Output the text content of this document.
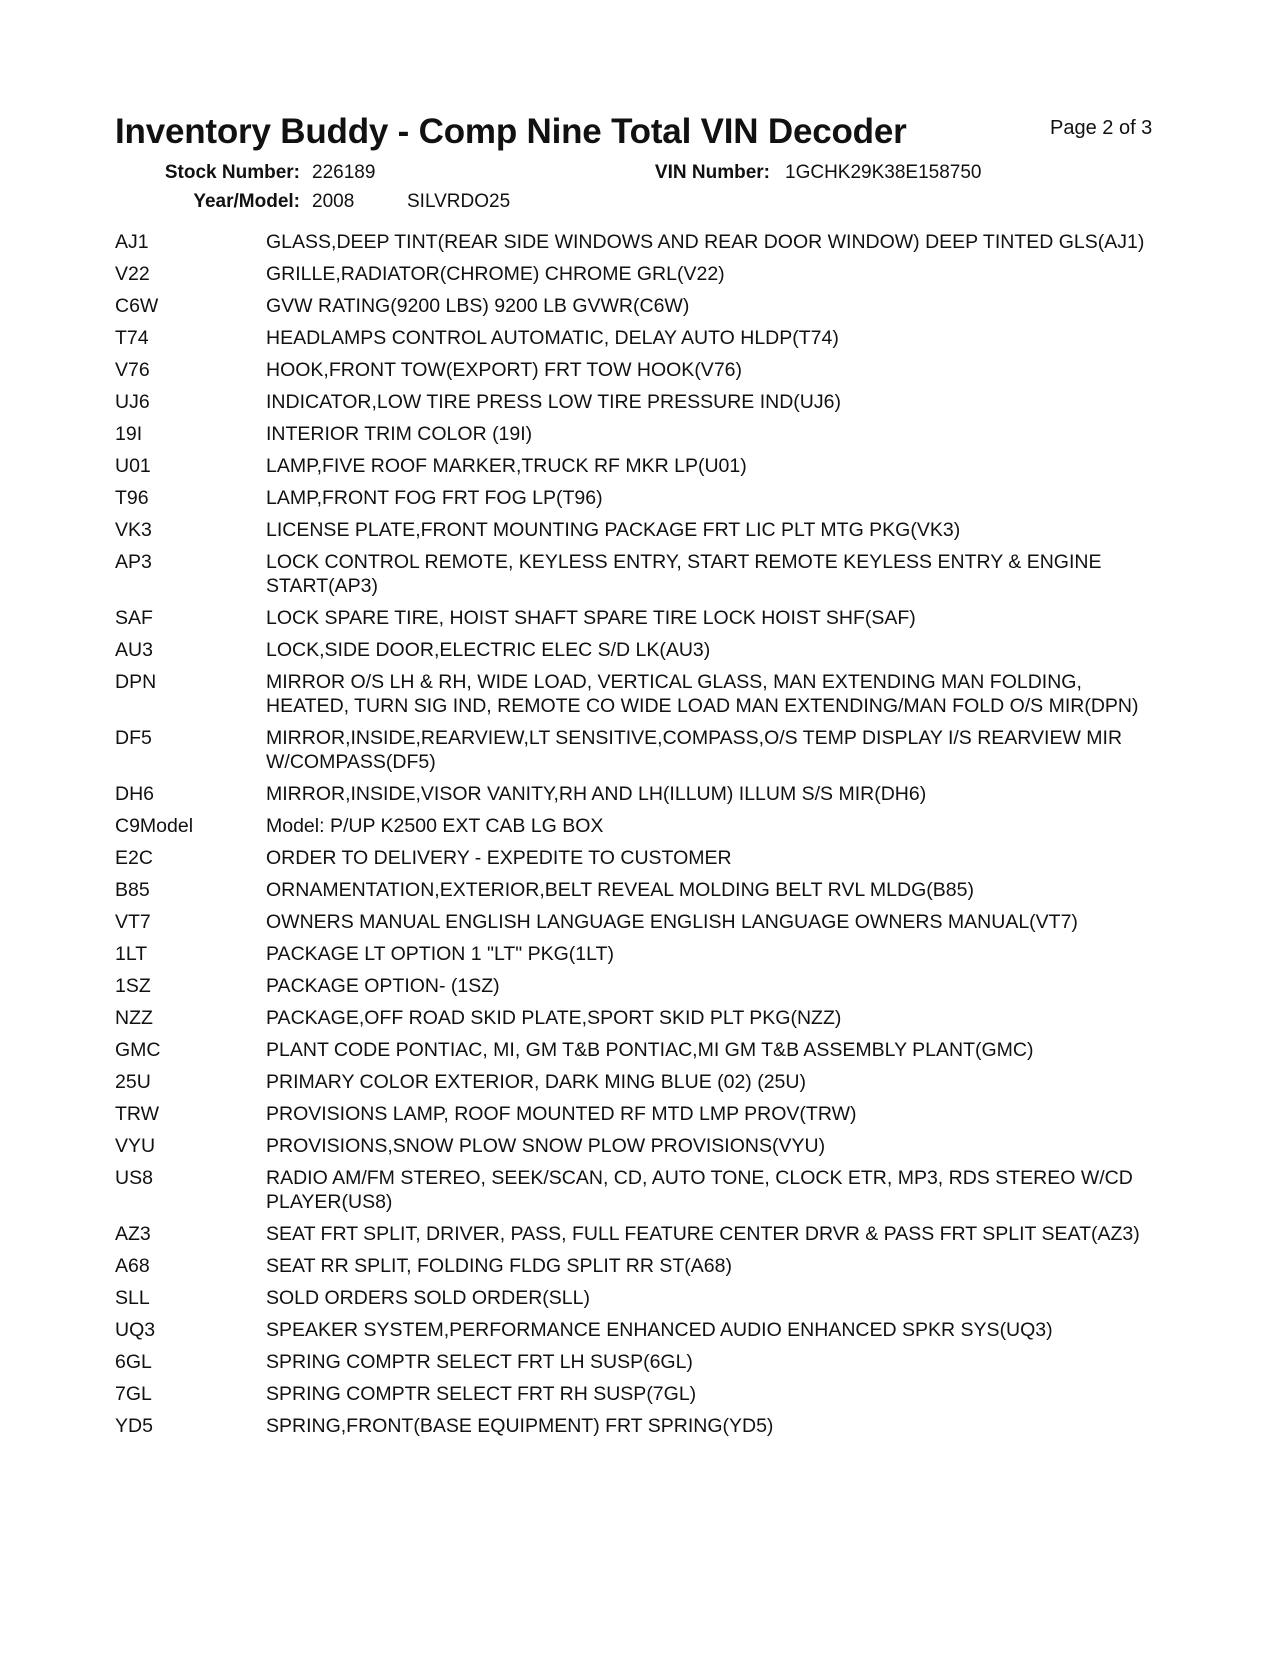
Inventory Buddy - Comp Nine Total VIN Decoder	Page 2 of 3
Stock Number: 226189	VIN Number: 1GCHK29K38E158750
Year/Model: 2008	SILVRDO25
AJ1	GLASS,DEEP TINT(REAR SIDE WINDOWS AND REAR DOOR WINDOW) DEEP TINTED GLS(AJ1)
V22	GRILLE,RADIATOR(CHROME) CHROME GRL(V22)
C6W	GVW RATING(9200 LBS) 9200 LB GVWR(C6W)
T74	HEADLAMPS CONTROL AUTOMATIC, DELAY AUTO HLDP(T74)
V76	HOOK,FRONT TOW(EXPORT) FRT TOW HOOK(V76)
UJ6	INDICATOR,LOW TIRE PRESS LOW TIRE PRESSURE IND(UJ6)
19I	INTERIOR TRIM COLOR (19I)
U01	LAMP,FIVE ROOF MARKER,TRUCK RF MKR LP(U01)
T96	LAMP,FRONT FOG FRT FOG LP(T96)
VK3	LICENSE PLATE,FRONT MOUNTING PACKAGE FRT LIC PLT MTG PKG(VK3)
AP3	LOCK CONTROL REMOTE, KEYLESS ENTRY, START REMOTE KEYLESS ENTRY & ENGINE START(AP3)
SAF	LOCK SPARE TIRE, HOIST SHAFT SPARE TIRE LOCK HOIST SHF(SAF)
AU3	LOCK,SIDE DOOR,ELECTRIC ELEC S/D LK(AU3)
DPN	MIRROR O/S LH & RH, WIDE LOAD, VERTICAL GLASS, MAN EXTENDING MAN FOLDING, HEATED, TURN SIG IND, REMOTE CO WIDE LOAD MAN EXTENDING/MAN FOLD O/S MIR(DPN)
DF5	MIRROR,INSIDE,REARVIEW,LT SENSITIVE,COMPASS,O/S TEMP DISPLAY I/S REARVIEW MIR W/COMPASS(DF5)
DH6	MIRROR,INSIDE,VISOR VANITY,RH AND LH(ILLUM) ILLUM S/S MIR(DH6)
C9Model	Model: P/UP K2500 EXT CAB LG BOX
E2C	ORDER TO DELIVERY - EXPEDITE TO CUSTOMER
B85	ORNAMENTATION,EXTERIOR,BELT REVEAL MOLDING BELT RVL MLDG(B85)
VT7	OWNERS MANUAL ENGLISH LANGUAGE ENGLISH LANGUAGE OWNERS MANUAL(VT7)
1LT	PACKAGE LT OPTION 1 "LT" PKG(1LT)
1SZ	PACKAGE OPTION- (1SZ)
NZZ	PACKAGE,OFF ROAD SKID PLATE,SPORT SKID PLT PKG(NZZ)
GMC	PLANT CODE PONTIAC, MI, GM T&B PONTIAC,MI GM T&B ASSEMBLY PLANT(GMC)
25U	PRIMARY COLOR EXTERIOR, DARK MING BLUE (02) (25U)
TRW	PROVISIONS LAMP, ROOF MOUNTED RF MTD LMP PROV(TRW)
VYU	PROVISIONS,SNOW PLOW SNOW PLOW PROVISIONS(VYU)
US8	RADIO AM/FM STEREO, SEEK/SCAN, CD, AUTO TONE, CLOCK ETR, MP3, RDS STEREO W/CD PLAYER(US8)
AZ3	SEAT FRT SPLIT, DRIVER, PASS, FULL FEATURE CENTER DRVR & PASS FRT SPLIT SEAT(AZ3)
A68	SEAT RR SPLIT, FOLDING FLDG SPLIT RR ST(A68)
SLL	SOLD ORDERS SOLD ORDER(SLL)
UQ3	SPEAKER SYSTEM,PERFORMANCE ENHANCED AUDIO ENHANCED SPKR SYS(UQ3)
6GL	SPRING COMPTR SELECT FRT LH SUSP(6GL)
7GL	SPRING COMPTR SELECT FRT RH SUSP(7GL)
YD5	SPRING,FRONT(BASE EQUIPMENT) FRT SPRING(YD5)
